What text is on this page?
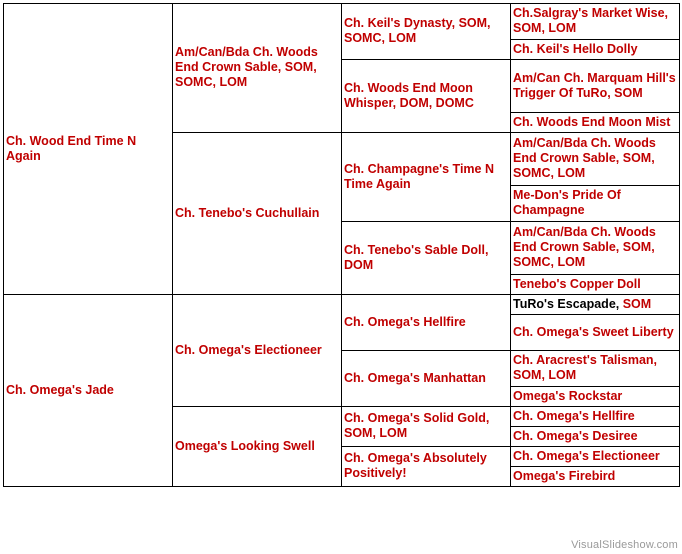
Ch. Wood End Time N Again	Am/Can/Bda Ch. Woods End Crown Sable, SOM, SOMC, LOM	Ch. Keil's Dynasty, SOM, SOMC, LOM	Ch.Salgray's Market Wise, SOM, LOM
			Ch. Keil's Hello Dolly
		Ch. Woods End Moon Whisper, DOM, DOMC	Am/Can Ch. Marquam Hill's Trigger Of TuRo, SOM
			Ch. Woods End Moon Mist
	Ch. Tenebo's Cuchullain	Ch. Champagne's Time N Time Again	Am/Can/Bda Ch. Woods End Crown Sable, SOM, SOMC, LOM
			Me-Don's Pride Of Champagne
		Ch. Tenebo's Sable Doll, DOM	Am/Can/Bda Ch. Woods End Crown Sable, SOM, SOMC, LOM
			Tenebo's Copper Doll
Ch. Omega's Jade	Ch. Omega's Electioneer	Ch. Omega's Hellfire	TuRo's Escapade, SOM
			Ch. Omega's Sweet Liberty
		Ch. Omega's Manhattan	Ch. Aracrest's Talisman, SOM, LOM
			Omega's Rockstar
	Omega's Looking Swell	Ch. Omega's Solid Gold, SOM, LOM	Ch. Omega's Hellfire
			Ch. Omega's Desiree
		Ch. Omega's Absolutely Positively!	Ch. Omega's Electioneer
			Omega's Firebird
VisualSlideshow.com
